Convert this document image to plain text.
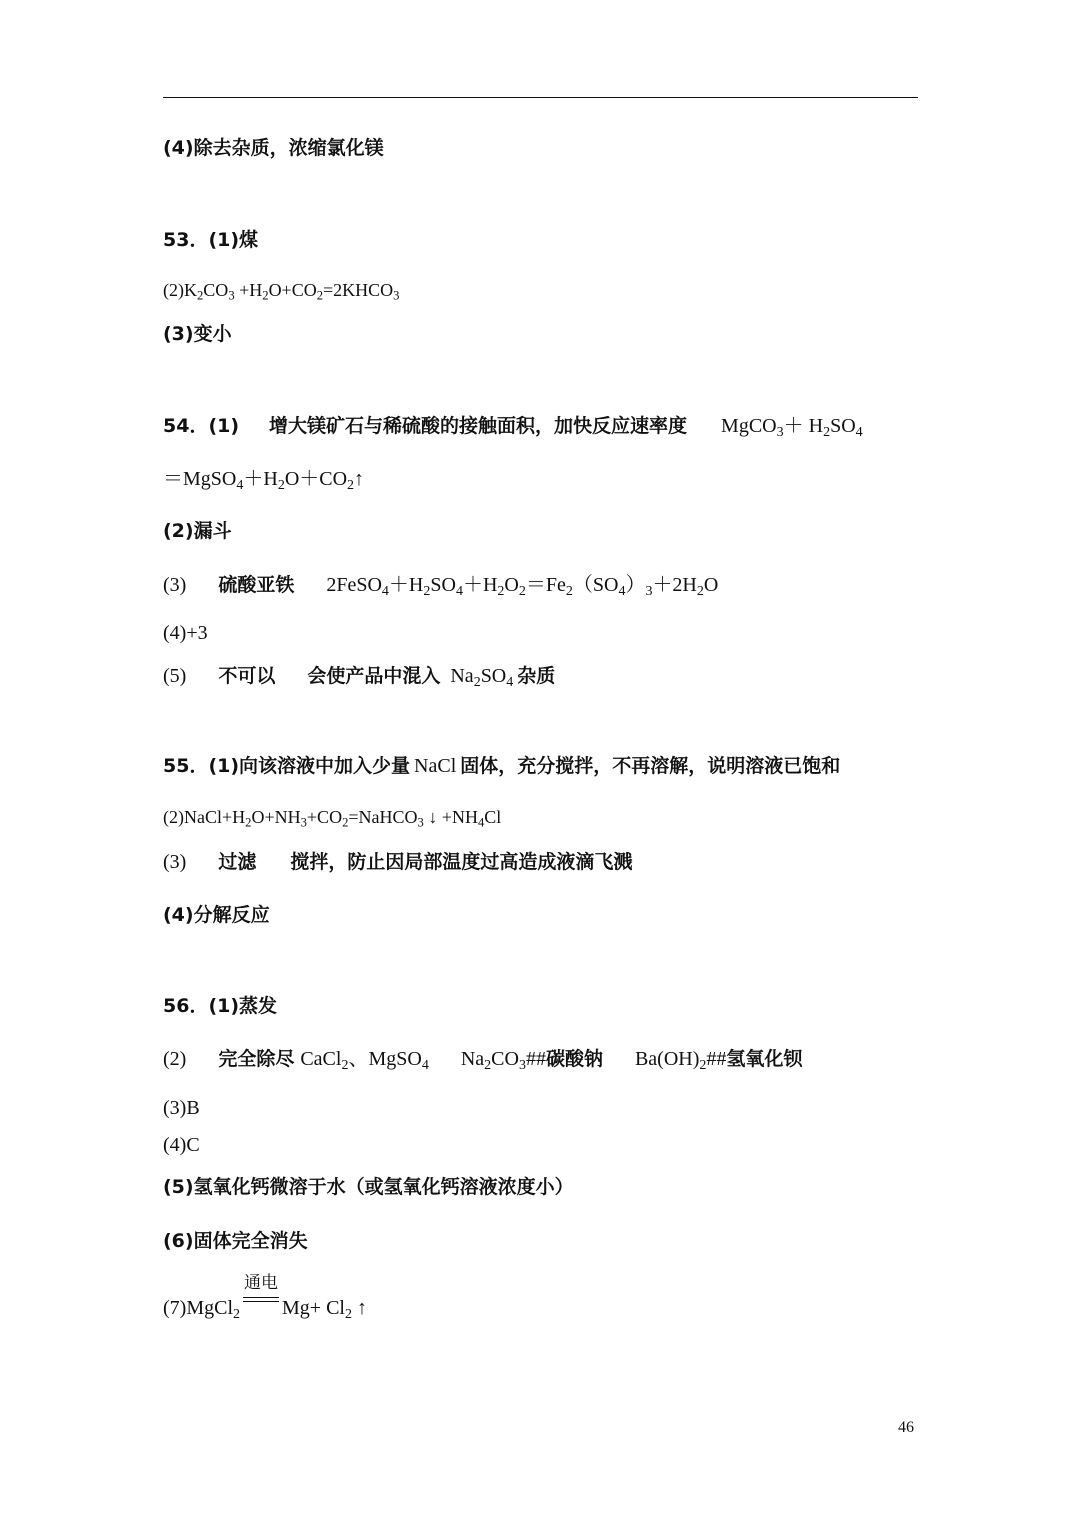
(4)除去杂质，浓缩氯化镁
53．(1)煤
$(2)K_2CO_3$ $+H_2O+CO_2=2KHCO_3$
(3)变小
54．(1) 增大镁矿石与稀硫酸的接触面积，加快反应速率度 MgCO$_3$＋ $H_2SO_4$
$=MgSO_4+H_2O+CO_2↑$
(2)漏斗
(3) 硫酸亚铁 $2FeSO_4+H_2SO_4+H_2O_2=Fe_2(SO_4)_3+2H_2O$
(4)+3
(5) 不可以 会使产品中混入 $Na_2SO_4$ 杂质
55．(1)向该溶液中加入少量 NaCl 固体，充分搅拌，不再溶解，说明溶液已饱和
$(2)NaCl+H_2O+NH_3+CO_2=NaHCO_3$ ↓ $+NH_4Cl$
(3) 过滤 搅拌，防止因局部温度过高造成液滴飞溅
(4)分解反应
56．(1)蒸发
(2) 完全除尽 CaCl$_2$、MgSO$_4$ $Na_2CO_3\#\#$碳酸钠 $Ba(OH)_2\#\#$氢氧化钡
(3)B
(4)C
(5)氢氧化钙微溶于水（或氢氧化钙溶液浓度小）
(6)固体完全消失
(7)MgCl$_2$
通电
$Mg+ Cl_2$ ↑
46
